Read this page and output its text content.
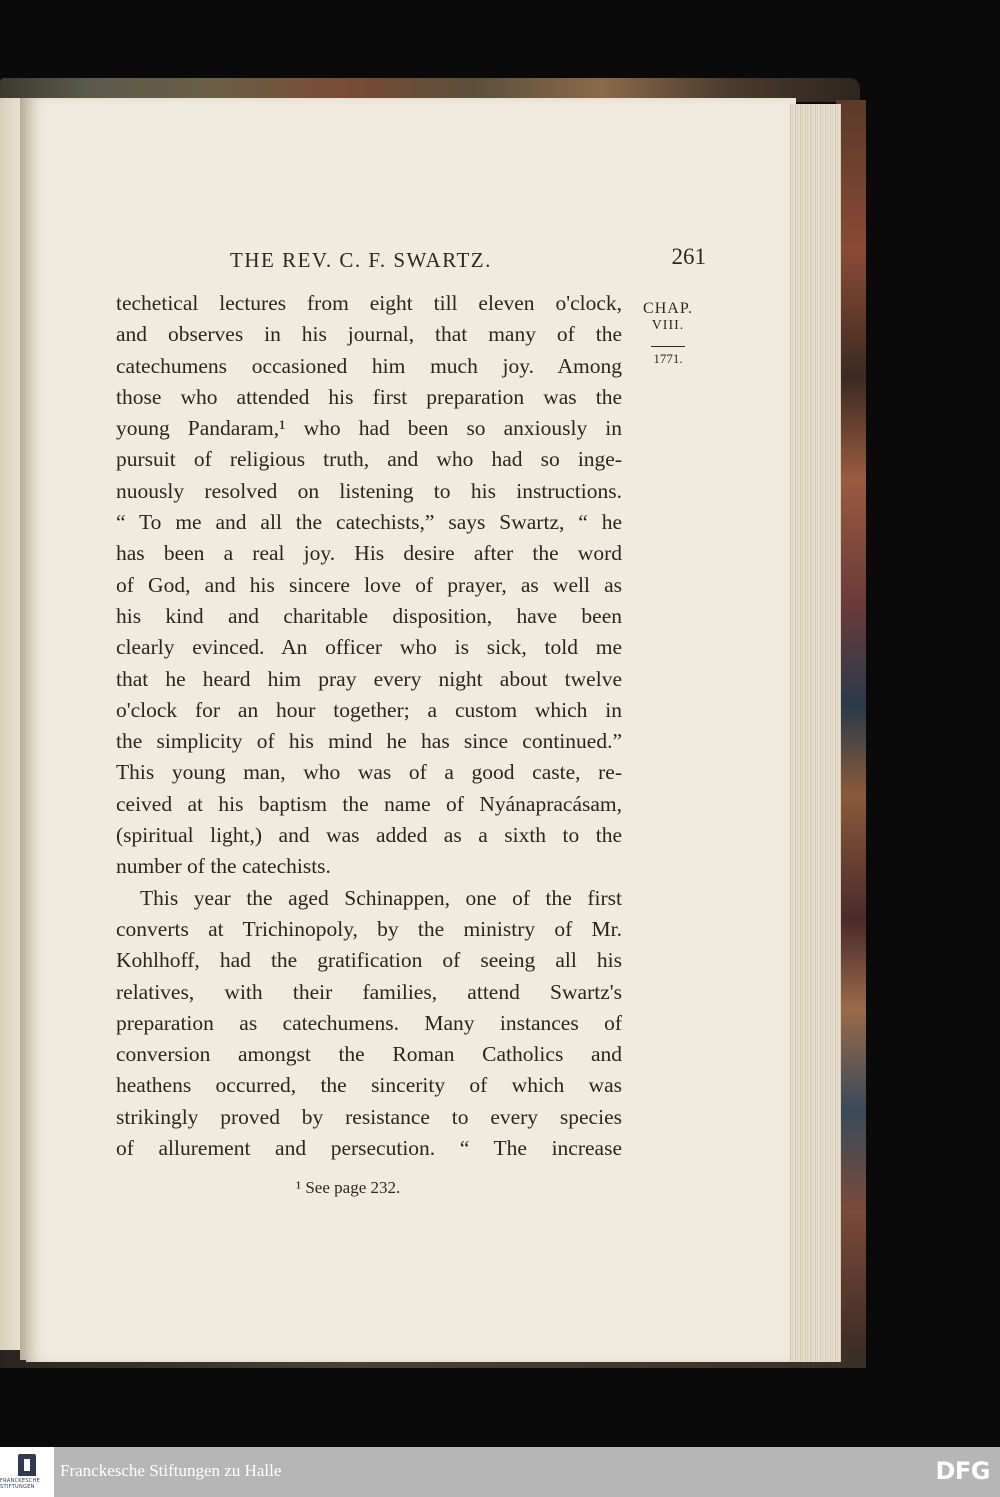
THE REV. C. F. SWARTZ.	261
CHAP.
VIII.
1771.
techetical lectures from eight till eleven o'clock,
and observes in his journal, that many of the
catechumens occasioned him much joy. Among
those who attended his first preparation was the
young Pandaram,¹ who had been so anxiously in
pursuit of religious truth, and who had so inge-
nuously resolved on listening to his instructions.
“ To me and all the catechists,” says Swartz, “ he
has been a real joy. His desire after the word
of God, and his sincere love of prayer, as well as
his kind and charitable disposition, have been
clearly evinced. An officer who is sick, told me
that he heard him pray every night about twelve
o'clock for an hour together; a custom which in
the simplicity of his mind he has since continued.”
This young man, who was of a good caste, re-
ceived at his baptism the name of Nyánapracásam,
(spiritual light,) and was added as a sixth to the
number of the catechists.
This year the aged Schinappen, one of the first
converts at Trichinopoly, by the ministry of Mr.
Kohlhoff, had the gratification of seeing all his
relatives, with their families, attend Swartz's
preparation as catechumens. Many instances of
conversion amongst the Roman Catholics and
heathens occurred, the sincerity of which was
strikingly proved by resistance to every species
of allurement and persecution. “ The increase
¹ See page 232.
FRANCKESCHE STIFTUNGEN
Franckesche Stiftungen zu Halle	DFG
